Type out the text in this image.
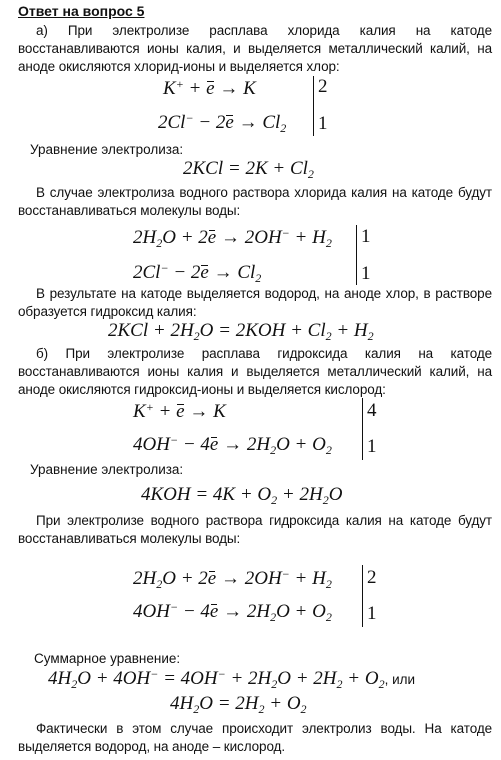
Ответ на вопрос 5
а) При электролизе расплава хлорида калия на катоде восстанавливаются ионы калия, и выделяется металлический калий, на аноде окисляются хлорид-ионы и выделяется хлор:
K+ + e → K
$2Cl^- - 2e \to Cl_2$
2
1
Уравнение электролиза:
$2KCl = 2K + Cl_2$
В случае электролиза водного раствора хлорида калия на катоде будут восстанавливаться молекулы воды:
$2H_2O + 2e \to 2OH^- + H_2$
$2Cl^- - 2e \to Cl_2$
1
1
В результате на катоде выделяется водород, на аноде хлор, в растворе образуется гидроксид калия:
$2KCl + 2H_2O = 2KOH + Cl_2 + H_2$
б) При электролизе расплава гидроксида калия на катоде восстанавливаются ионы калия и выделяется металлический калий, на аноде окисляются гидроксид-ионы и выделяется кислород:
K+ + e → K
$4OH^- - 4e \to 2H_2O + O_2$
4
1
Уравнение электролиза:
$4KOH = 4K + O_2 + 2H_2O$
При электролизе водного раствора гидроксида калия на катоде будут восстанавливаться молекулы воды:
$2H_2O + 2e \to 2OH^- + H_2$
$4OH^- - 4e \to 2H_2O + O_2$
2
1
Суммарное уравнение:
$4H_2O + 4OH^- = 4OH^- + 2H_2O + 2H_2 + O_2$, или
$4H_2O = 2H_2 + O_2$
Фактически в этом случае происходит электролиз воды. На катоде выделяется водород, на аноде – кислород.
